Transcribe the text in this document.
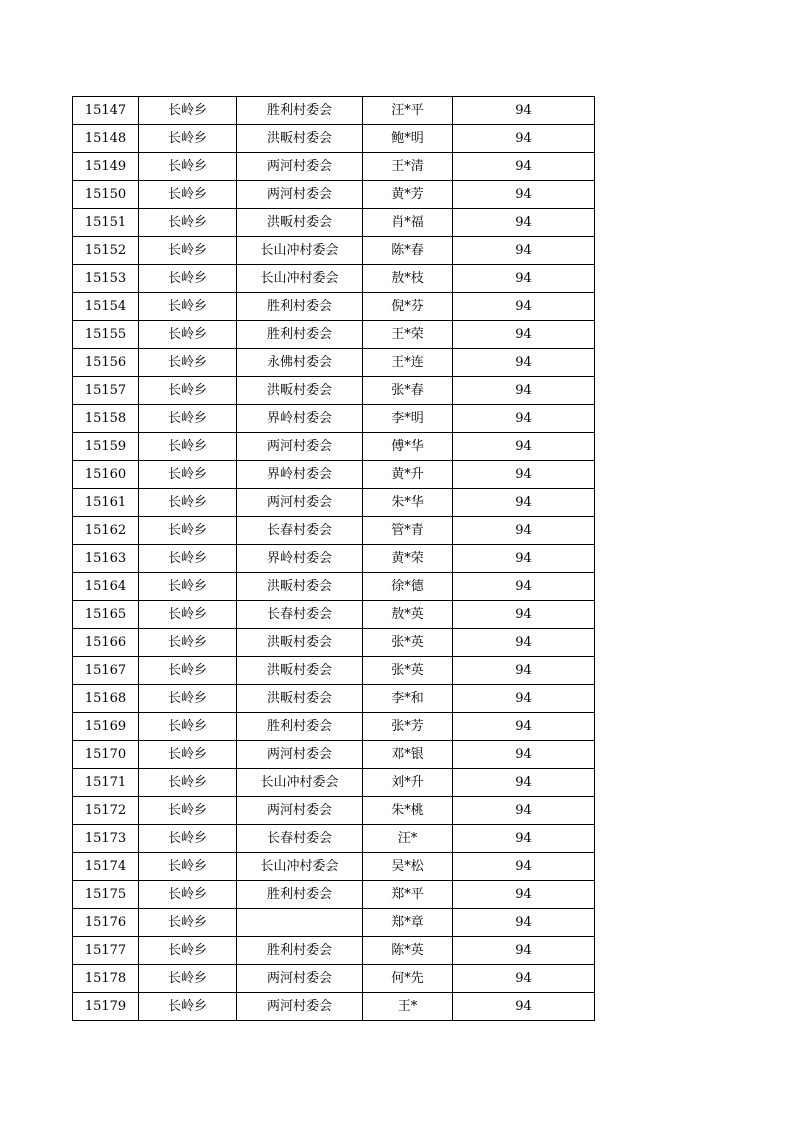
15147	长岭乡	胜利村委会	汪*平	94
15148	长岭乡	洪畈村委会	鲍*明	94
15149	长岭乡	两河村委会	王*清	94
15150	长岭乡	两河村委会	黄*芳	94
15151	长岭乡	洪畈村委会	肖*福	94
15152	长岭乡	长山冲村委会	陈*春	94
15153	长岭乡	长山冲村委会	敖*枝	94
15154	长岭乡	胜利村委会	倪*芬	94
15155	长岭乡	胜利村委会	王*荣	94
15156	长岭乡	永佛村委会	王*连	94
15157	长岭乡	洪畈村委会	张*春	94
15158	长岭乡	界岭村委会	李*明	94
15159	长岭乡	两河村委会	傅*华	94
15160	长岭乡	界岭村委会	黄*升	94
15161	长岭乡	两河村委会	朱*华	94
15162	长岭乡	长春村委会	管*青	94
15163	长岭乡	界岭村委会	黄*荣	94
15164	长岭乡	洪畈村委会	徐*德	94
15165	长岭乡	长春村委会	敖*英	94
15166	长岭乡	洪畈村委会	张*英	94
15167	长岭乡	洪畈村委会	张*英	94
15168	长岭乡	洪畈村委会	李*和	94
15169	长岭乡	胜利村委会	张*芳	94
15170	长岭乡	两河村委会	邓*银	94
15171	长岭乡	长山冲村委会	刘*升	94
15172	长岭乡	两河村委会	朱*桃	94
15173	长岭乡	长春村委会	汪*	94
15174	长岭乡	长山冲村委会	吴*松	94
15175	长岭乡	胜利村委会	郑*平	94
15176	长岭乡		郑*章	94
15177	长岭乡	胜利村委会	陈*英	94
15178	长岭乡	两河村委会	何*先	94
15179	长岭乡	两河村委会	王*	94
